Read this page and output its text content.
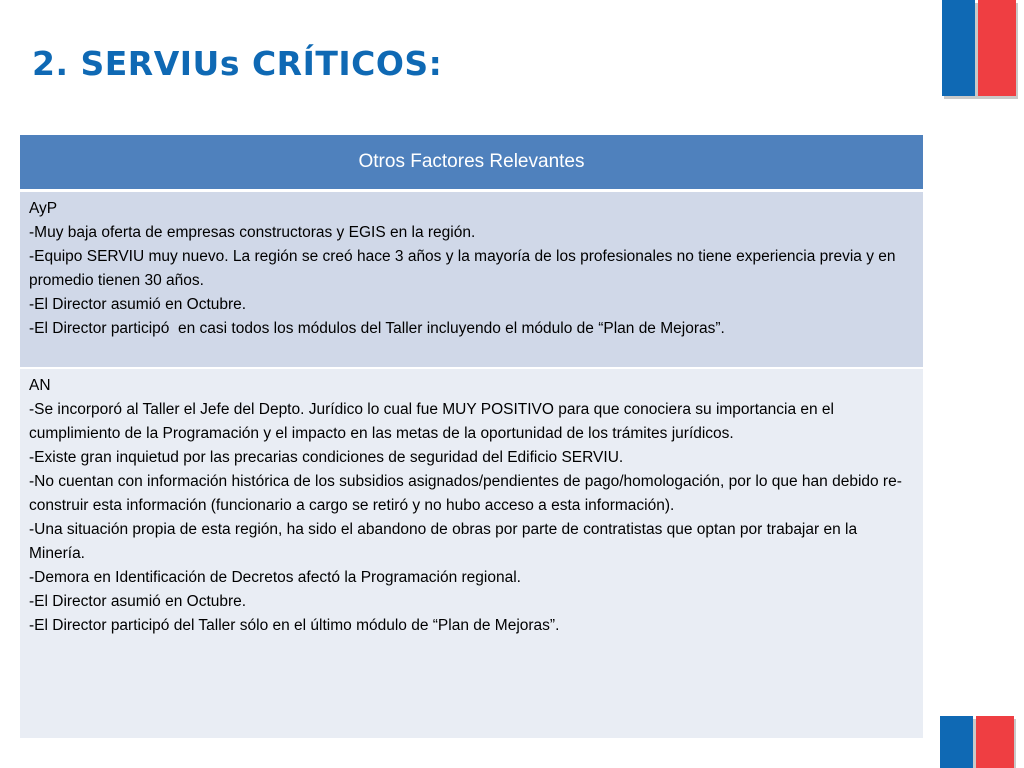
2. SERVIUs CRÍTICOS:
Otros Factores Relevantes
AyP
-Muy baja oferta de empresas constructoras y EGIS en la región.
-Equipo SERVIU muy nuevo. La región se creó hace 3 años y la mayoría de los profesionales no tiene experiencia previa y en promedio tienen 30 años.
-El Director asumió en Octubre.
-El Director participó  en casi todos los módulos del Taller incluyendo el módulo de “Plan de Mejoras”.
AN
-Se incorporó al Taller el Jefe del Depto. Jurídico lo cual fue MUY POSITIVO para que conociera su importancia en el cumplimiento de la Programación y el impacto en las metas de la oportunidad de los trámites jurídicos.
-Existe gran inquietud por las precarias condiciones de seguridad del Edificio SERVIU.
-No cuentan con información histórica de los subsidios asignados/pendientes de pago/homologación, por lo que han debido re-construir esta información (funcionario a cargo se retiró y no hubo acceso a esta información).
-Una situación propia de esta región, ha sido el abandono de obras por parte de contratistas que optan por trabajar en la Minería.
-Demora en Identificación de Decretos afectó la Programación regional.
-El Director asumió en Octubre.
-El Director participó del Taller sólo en el último módulo de “Plan de Mejoras”.
